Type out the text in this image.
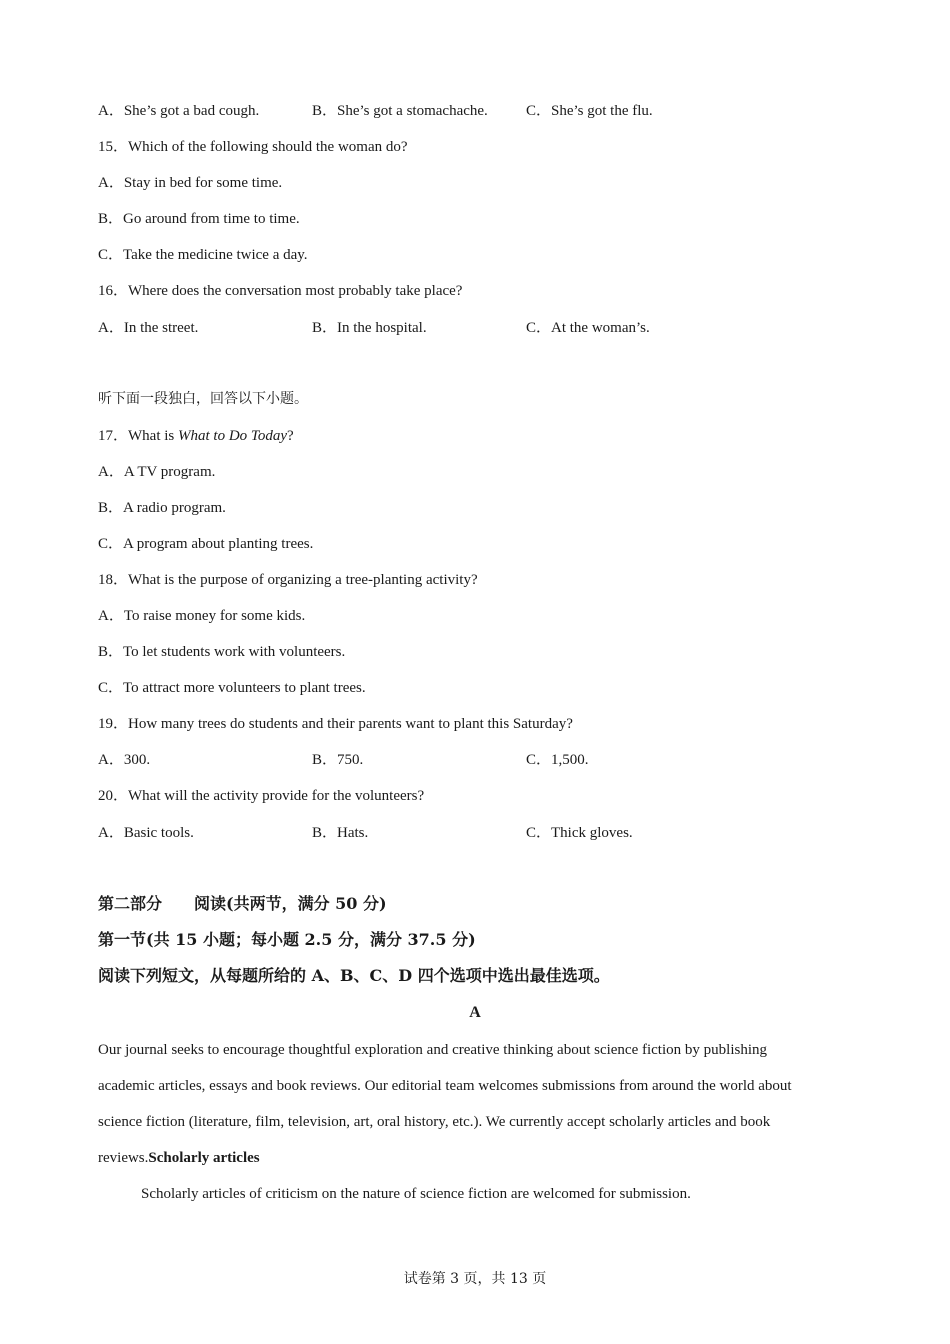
A．She’s got a bad cough.	B．She’s got a stomachache.	C．She’s got the flu.
15．Which of the following should the woman do?
A．Stay in bed for some time.
B．Go around from time to time.
C．Take the medicine twice a day.
16．Where does the conversation most probably take place?
A．In the street.	B．In the hospital.	C．At the woman’s.
听下面一段独白，回答以下小题。
17．What is What to Do Today?
A．A TV program.
B．A radio program.
C．A program about planting trees.
18．What is the purpose of organizing a tree-planting activity?
A．To raise money for some kids.
B．To let students work with volunteers.
C．To attract more volunteers to plant trees.
19．How many trees do students and their parents want to plant this Saturday?
A．300.	B．750.	C．1,500.
20．What will the activity provide for the volunteers?
A．Basic tools.	B．Hats.	C．Thick gloves.
第二部分　　阅读(共两节，满分 50 分)
第一节(共 15 小题；每小题 2.5 分，满分 37.5 分)
阅读下列短文，从每题所给的 A、B、C、D 四个选项中选出最佳选项。
A
Our journal seeks to encourage thoughtful exploration and creative thinking about science fiction by publishing
academic articles, essays and book reviews. Our editorial team welcomes submissions from around the world about
science fiction (literature, film, television, art, oral history, etc.). We currently accept scholarly articles and book
reviews.Scholarly articles
Scholarly articles of criticism on the nature of science fiction are welcomed for submission.
试卷第 3 页，共 13 页
